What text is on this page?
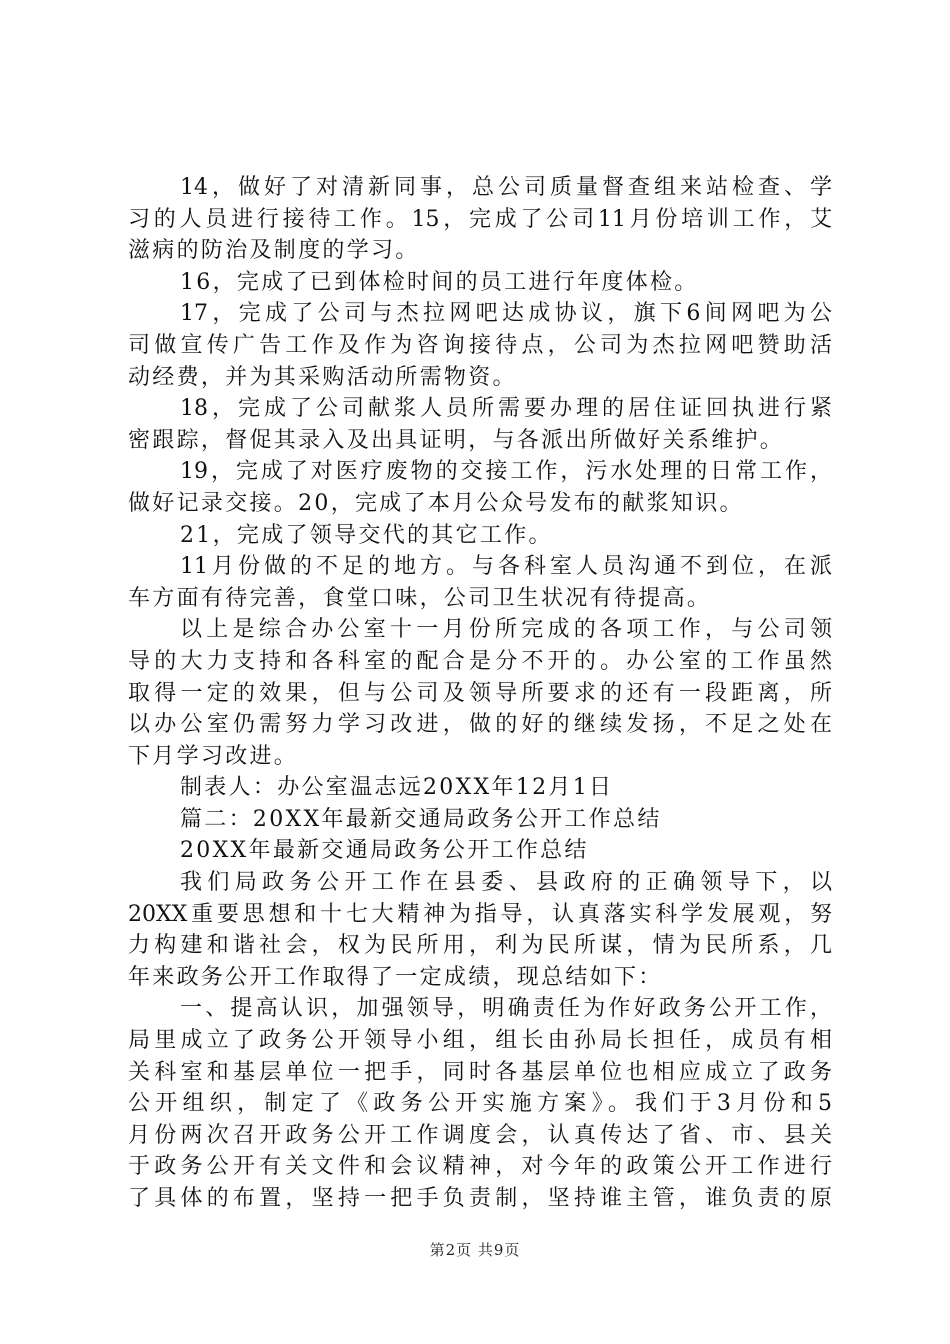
14，做好了对清新同事，总公司质量督查组来站检查、学
习的人员进行接待工作。15，完成了公司11月份培训工作，艾
滋病的防治及制度的学习。
16，完成了已到体检时间的员工进行年度体检。
17，完成了公司与杰拉网吧达成协议，旗下6间网吧为公
司做宣传广告工作及作为咨询接待点，公司为杰拉网吧赞助活
动经费，并为其采购活动所需物资。
18，完成了公司献浆人员所需要办理的居住证回执进行紧
密跟踪，督促其录入及出具证明，与各派出所做好关系维护。
19，完成了对医疗废物的交接工作，污水处理的日常工作，
做好记录交接。20，完成了本月公众号发布的献浆知识。
21，完成了领导交代的其它工作。
11月份做的不足的地方。与各科室人员沟通不到位，在派
车方面有待完善，食堂口味，公司卫生状况有待提高。
以上是综合办公室十一月份所完成的各项工作，与公司领
导的大力支持和各科室的配合是分不开的。办公室的工作虽然
取得一定的效果，但与公司及领导所要求的还有一段距离，所
以办公室仍需努力学习改进，做的好的继续发扬，不足之处在
下月学习改进。
制表人：办公室温志远20XX年12月1日
篇二：20XX年最新交通局政务公开工作总结
20XX年最新交通局政务公开工作总结
我们局政务公开工作在县委、县政府的正确领导下，以
20XX重要思想和十七大精神为指导，认真落实科学发展观，努
力构建和谐社会，权为民所用，利为民所谋，情为民所系，几
年来政务公开工作取得了一定成绩，现总结如下：
一、提高认识，加强领导，明确责任为作好政务公开工作，
局里成立了政务公开领导小组，组长由孙局长担任，成员有相
关科室和基层单位一把手，同时各基层单位也相应成立了政务
公开组织，制定了《政务公开实施方案》。我们于3月份和5
月份两次召开政务公开工作调度会，认真传达了省、市、县关
于政务公开有关文件和会议精神，对今年的政策公开工作进行
了具体的布置，坚持一把手负责制，坚持谁主管，谁负责的原
第2页 共9页
